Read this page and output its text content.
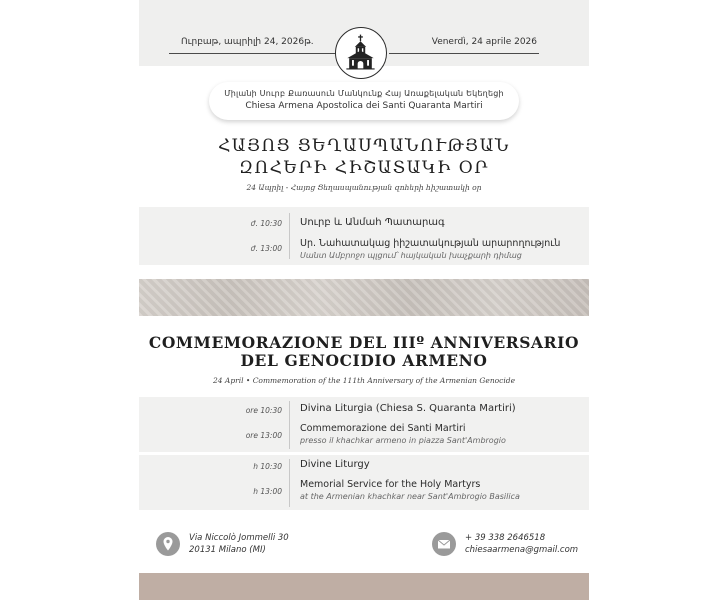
Ուրբաթ, ապրիլի 24, 2026թ.	Venerdì, 24 aprile 2026
Միլանի Սուրբ Քառասուն Մանկունք Հայ Առաքելական Եկեղեցի
Chiesa Armena Apostolica dei Santi Quaranta Martiri
ՀԱՅՈՑ ՑԵՂԱՍՊԱՆՈՒԹՅԱՆ
ԶՈՀԵՐԻ ՀԻՇԱՏԱԿԻ ՕՐ
24 Ապրիլ - Հայոց Ցեղասպանության զոհերի հիշատակի օր
ժ. 10:30 Սուրբ և Անմահ Պատարագ
ժ. 13:00 Սր. Նահատակաց իիշատակության արարողություն
Սանտ Ամբրոջո պլցում՝ հայկական խաչքարի դիմաց
COMMEMORAZIONE DEL IIIº ANNIVERSARIO
DEL GENOCIDIO ARMENO
24 April • Commemoration of the 111th Anniversary of the Armenian Genocide
ore 10:30 Divina Liturgia (Chiesa S. Quaranta Martiri)
ore 13:00
Commemorazione dei Santi Martiri
presso il khachkar armeno in piazza Sant'Ambrogio
h 10:30 Divine Liturgy
h 13:00
Memorial Service for the Holy Martyrs
at the Armenian khachkar near Sant'Ambrogio Basilica
Via Niccolò Jommelli 30
20131 Milano (MI)
+ 39 338 2646518
chiesaarmena@gmail.com
